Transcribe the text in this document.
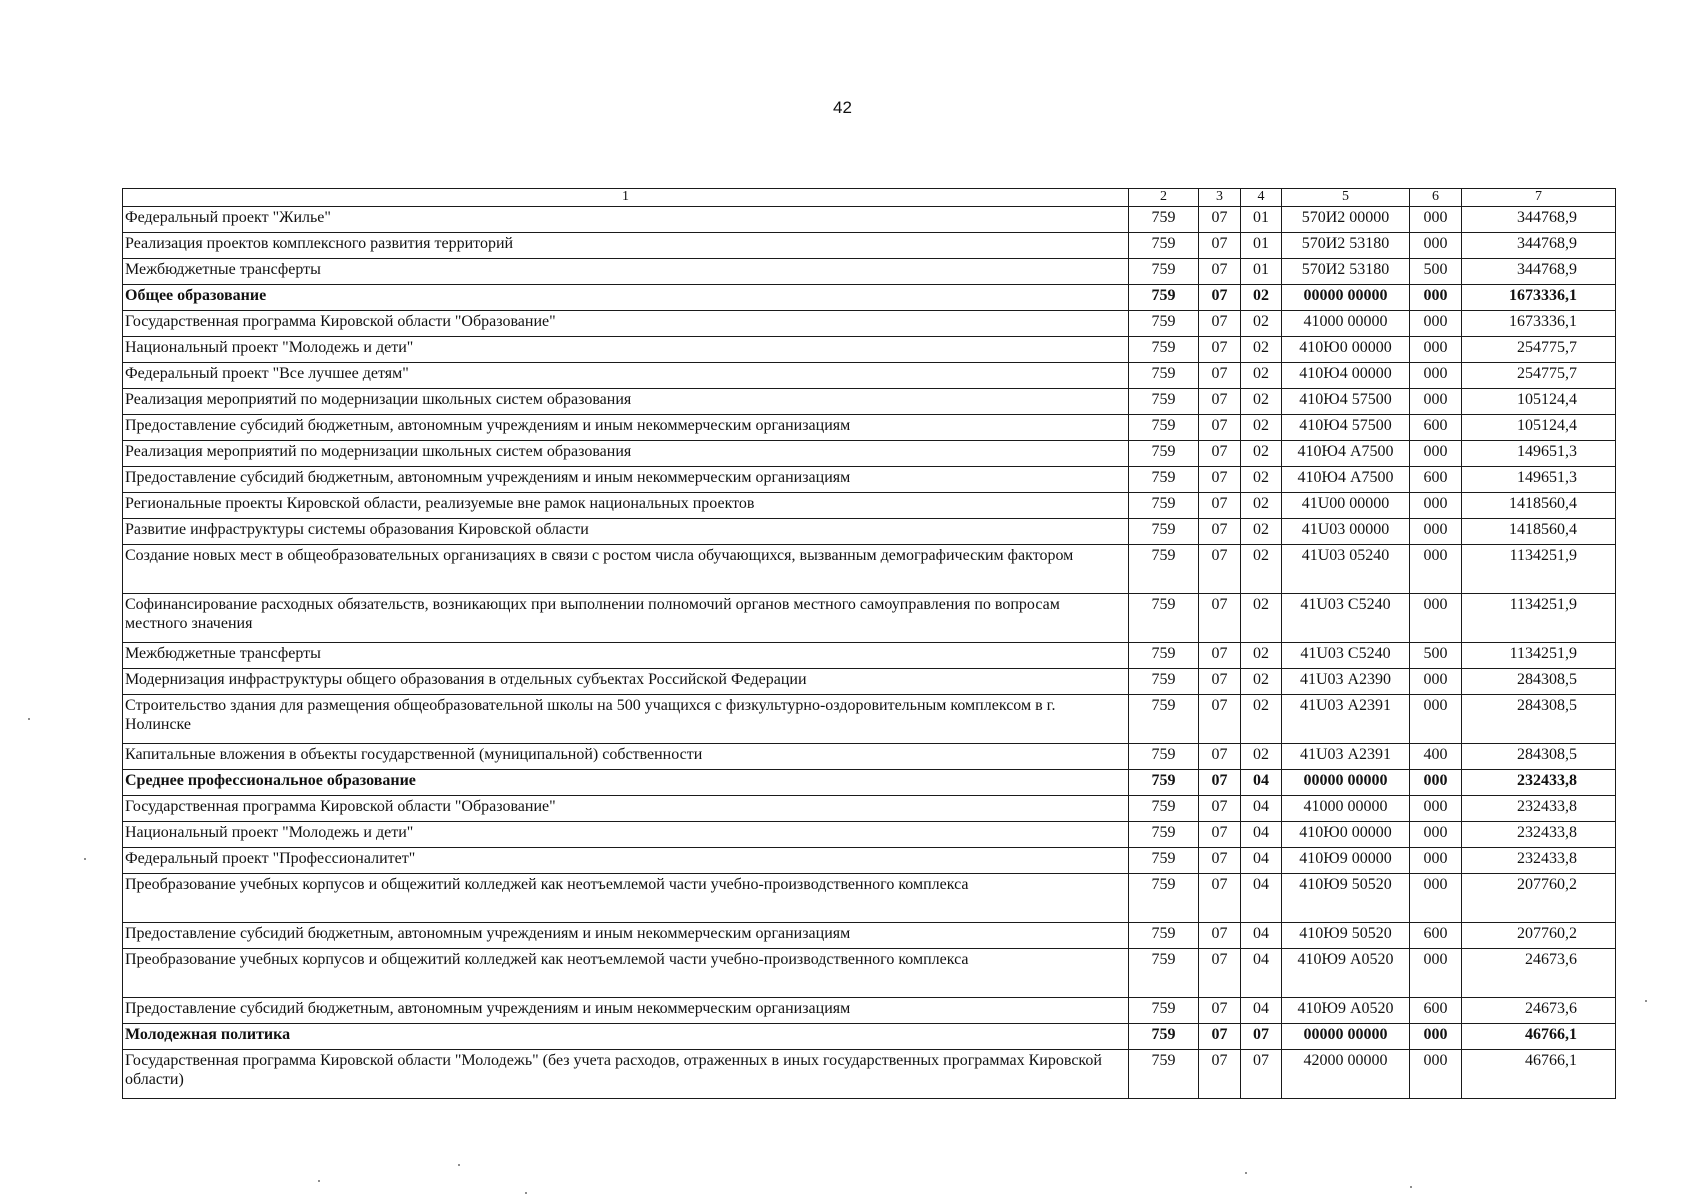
42
1	2	3	4	5	6	7
Федеральный проект "Жилье"	759	07	01	570И2 00000	000	344768,9
Реализация проектов комплексного развития территорий	759	07	01	570И2 53180	000	344768,9
Межбюджетные трансферты	759	07	01	570И2 53180	500	344768,9
Общее образование	759	07	02	00000 00000	000	1673336,1
Государственная программа Кировской области "Образование"	759	07	02	41000 00000	000	1673336,1
Национальный проект "Молодежь и дети"	759	07	02	410Ю0 00000	000	254775,7
Федеральный проект "Все лучшее детям"	759	07	02	410Ю4 00000	000	254775,7
Реализация мероприятий по модернизации школьных систем образования	759	07	02	410Ю4 57500	000	105124,4
Предоставление субсидий бюджетным, автономным учреждениям и иным некоммерческим организациям	759	07	02	410Ю4 57500	600	105124,4
Реализация мероприятий по модернизации школьных систем образования	759	07	02	410Ю4 А7500	000	149651,3
Предоставление субсидий бюджетным, автономным учреждениям и иным некоммерческим организациям	759	07	02	410Ю4 А7500	600	149651,3
Региональные проекты Кировской области, реализуемые вне рамок национальных проектов	759	07	02	41U00 00000	000	1418560,4
Развитие инфраструктуры системы образования Кировской области	759	07	02	41U03 00000	000	1418560,4
Создание новых мест в общеобразовательных организациях в связи с ростом числа обучающихся, вызванным демографическим фактором	759	07	02	41U03 05240	000	1134251,9
Софинансирование расходных обязательств, возникающих при выполнении полномочий органов местного самоуправления по вопросам местного значения	759	07	02	41U03 С5240	000	1134251,9
Межбюджетные трансферты	759	07	02	41U03 С5240	500	1134251,9
Модернизация инфраструктуры общего образования в отдельных субъектах Российской Федерации	759	07	02	41U03 А2390	000	284308,5
Строительство здания для размещения общеобразовательной школы на 500 учащихся с физкультурно-оздоровительным комплексом в г. Нолинске	759	07	02	41U03 А2391	000	284308,5
Капитальные вложения в объекты государственной (муниципальной) собственности	759	07	02	41U03 А2391	400	284308,5
Среднее профессиональное образование	759	07	04	00000 00000	000	232433,8
Государственная программа Кировской области "Образование"	759	07	04	41000 00000	000	232433,8
Национальный проект "Молодежь и дети"	759	07	04	410Ю0 00000	000	232433,8
Федеральный проект "Профессионалитет"	759	07	04	410Ю9 00000	000	232433,8
Преобразование учебных корпусов и общежитий колледжей как неотъемлемой части учебно-производственного комплекса	759	07	04	410Ю9 50520	000	207760,2
Предоставление субсидий бюджетным, автономным учреждениям и иным некоммерческим организациям	759	07	04	410Ю9 50520	600	207760,2
Преобразование учебных корпусов и общежитий колледжей как неотъемлемой части учебно-производственного комплекса	759	07	04	410Ю9 А0520	000	24673,6
Предоставление субсидий бюджетным, автономным учреждениям и иным некоммерческим организациям	759	07	04	410Ю9 А0520	600	24673,6
Молодежная политика	759	07	07	00000 00000	000	46766,1
Государственная программа Кировской области "Молодежь" (без учета расходов, отраженных в иных государственных программах Кировской области)	759	07	07	42000 00000	000	46766,1
